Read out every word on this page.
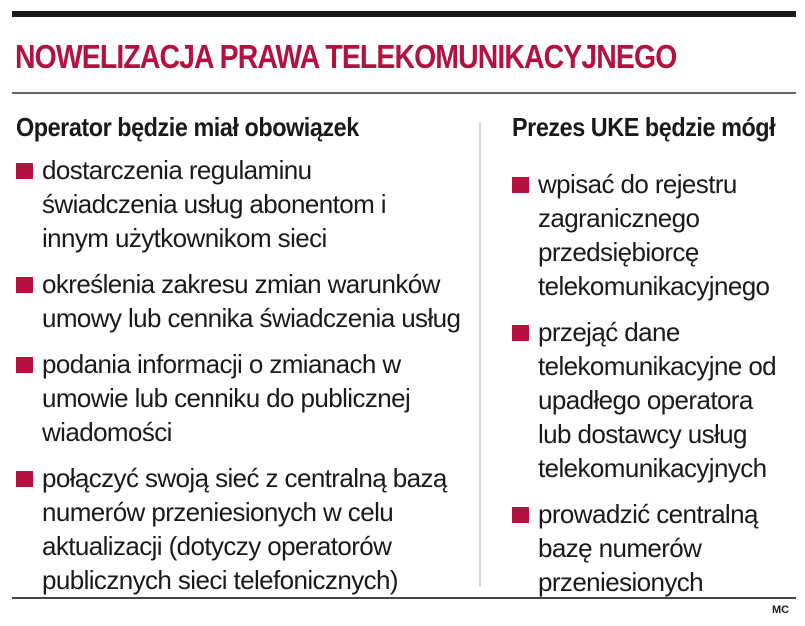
NOWELIZACJA PRAWA TELEKOMUNIKACYJNEGO
Operator będzie miał obowiązek
dostarczenia regulaminu świadczenia usług abonentom i innym użytkownikom sieci
określenia zakresu zmian warunków umowy lub cennika świadczenia usług
podania informacji o zmianach w umowie lub cenniku do publicznej wiadomości
połączyć swoją sieć z centralną bazą numerów przeniesionych w celu aktualizacji (dotyczy operatorów publicznych sieci telefonicznych)
Prezes UKE będzie mógł
wpisać do rejestru zagranicznego przedsiębiorcę telekomunikacyjnego
przejąć dane telekomunikacyjne od upadłego operatora lub dostawcy usług telekomunikacyjnych
prowadzić centralną bazę numerów przeniesionych
MC
